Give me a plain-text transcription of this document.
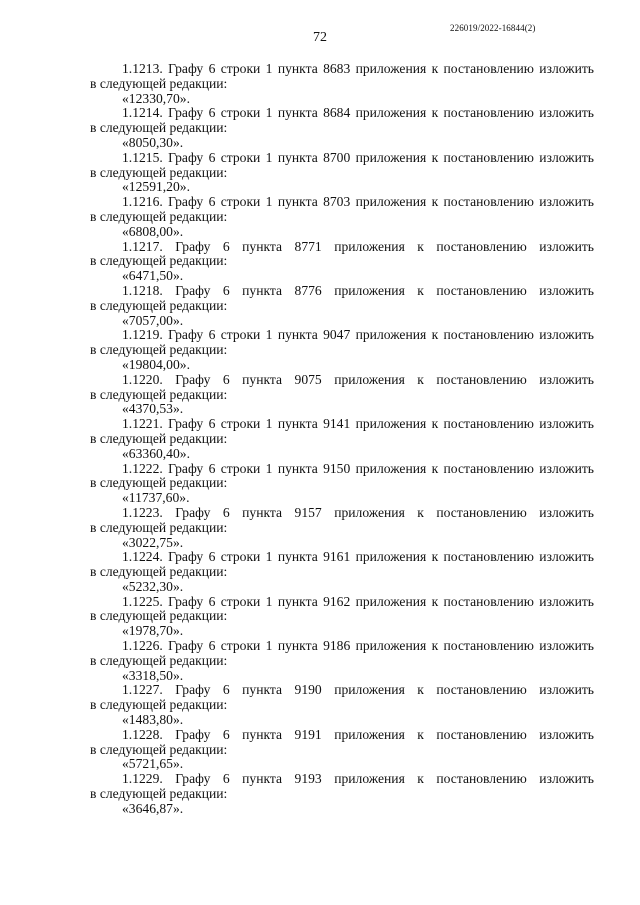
72
226019/2022-16844(2)

1.1213. Графу 6 строки 1 пункта 8683 приложения к постановлению изложить

в следующей редакции:

«12330,70».

1.1214. Графу 6 строки 1 пункта 8684 приложения к постановлению изложить

в следующей редакции:

«8050,30».

1.1215. Графу 6 строки 1 пункта 8700 приложения к постановлению изложить

в следующей редакции:

«12591,20».

1.1216. Графу 6 строки 1 пункта 8703 приложения к постановлению изложить

в следующей редакции:

«6808,00».

1.1217. Графу 6 пункта 8771 приложения к постановлению изложить

в следующей редакции:

«6471,50».

1.1218. Графу 6 пункта 8776 приложения к постановлению изложить

в следующей редакции:

«7057,00».

1.1219. Графу 6 строки 1 пункта 9047 приложения к постановлению изложить

в следующей редакции:

«19804,00».

1.1220. Графу 6 пункта 9075 приложения к постановлению изложить

в следующей редакции:

«4370,53».

1.1221. Графу 6 строки 1 пункта 9141 приложения к постановлению изложить

в следующей редакции:

«63360,40».

1.1222. Графу 6 строки 1 пункта 9150 приложения к постановлению изложить

в следующей редакции:

«11737,60».

1.1223. Графу 6 пункта 9157 приложения к постановлению изложить

в следующей редакции:

«3022,75».

1.1224. Графу 6 строки 1 пункта 9161 приложения к постановлению изложить

в следующей редакции:

«5232,30».

1.1225. Графу 6 строки 1 пункта 9162 приложения к постановлению изложить

в следующей редакции:

«1978,70».

1.1226. Графу 6 строки 1 пункта 9186 приложения к постановлению изложить

в следующей редакции:

«3318,50».

1.1227. Графу 6 пункта 9190 приложения к постановлению изложить

в следующей редакции:

«1483,80».

1.1228. Графу 6 пункта 9191 приложения к постановлению изложить

в следующей редакции:

«5721,65».

1.1229. Графу 6 пункта 9193 приложения к постановлению изложить

в следующей редакции:

«3646,87».
